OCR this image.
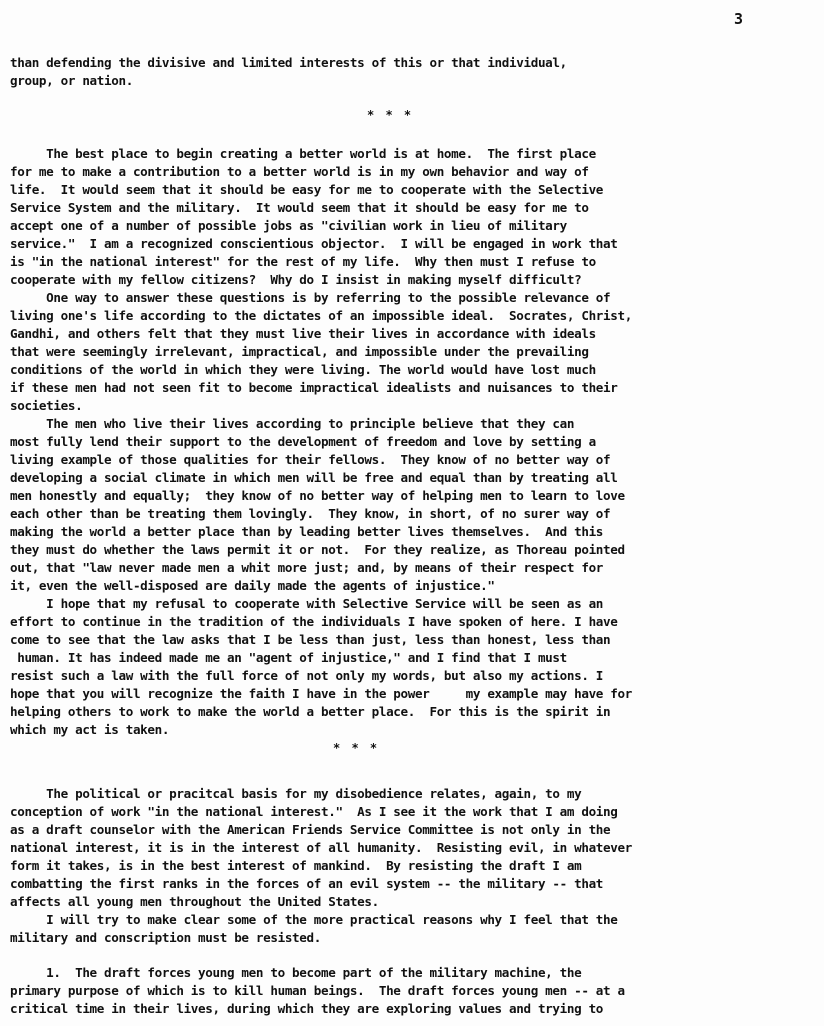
3
than defending the divisive and limited interests of this or that individual,
group, or nation.
* * *
The best place to begin creating a better world is at home.  The first place
for me to make a contribution to a better world is in my own behavior and way of
life.  It would seem that it should be easy for me to cooperate with the Selective
Service System and the military.  It would seem that it should be easy for me to
accept one of a number of possible jobs as "civilian work in lieu of military
service."  I am a recognized conscientious objector.  I will be engaged in work that
is "in the national interest" for the rest of my life.  Why then must I refuse to
cooperate with my fellow citizens?  Why do I insist in making myself difficult?
One way to answer these questions is by referring to the possible relevance of
living one's life according to the dictates of an impossible ideal.  Socrates, Christ,
Gandhi, and others felt that they must live their lives in accordance with ideals
that were seemingly irrelevant, impractical, and impossible under the prevailing
conditions of the world in which they were living. The world would have lost much
if these men had not seen fit to become impractical idealists and nuisances to their
societies.
The men who live their lives according to principle believe that they can
most fully lend their support to the development of freedom and love by setting a
living example of those qualities for their fellows.  They know of no better way of
developing a social climate in which men will be free and equal than by treating all
men honestly and equally;  they know of no better way of helping men to learn to love
each other than be treating them lovingly.  They know, in short, of no surer way of
making the world a better place than by leading better lives themselves.  And this
they must do whether the laws permit it or not.  For they realize, as Thoreau pointed
out, that "law never made men a whit more just; and, by means of their respect for
it, even the well-disposed are daily made the agents of injustice."
I hope that my refusal to cooperate with Selective Service will be seen as an
effort to continue in the tradition of the individuals I have spoken of here. I have
come to see that the law asks that I be less than just, less than honest, less than
human. It has indeed made me an "agent of injustice," and I find that I must
resist such a law with the full force of not only my words, but also my actions. I
hope that you will recognize the faith I have in the power     my example may have for
helping others to work to make the world a better place.  For this is the spirit in
which my act is taken.
* * *
The political or pracitcal basis for my disobedience relates, again, to my
conception of work "in the national interest."  As I see it the work that I am doing
as a draft counselor with the American Friends Service Committee is not only in the
national interest, it is in the interest of all humanity.  Resisting evil, in whatever
form it takes, is in the best interest of mankind.  By resisting the draft I am
combatting the first ranks in the forces of an evil system -- the military -- that
affects all young men throughout the United States.
I will try to make clear some of the more practical reasons why I feel that the
military and conscription must be resisted.
1.  The draft forces young men to become part of the military machine, the
primary purpose of which is to kill human beings.  The draft forces young men -- at a
critical time in their lives, during which they are exploring values and trying to
